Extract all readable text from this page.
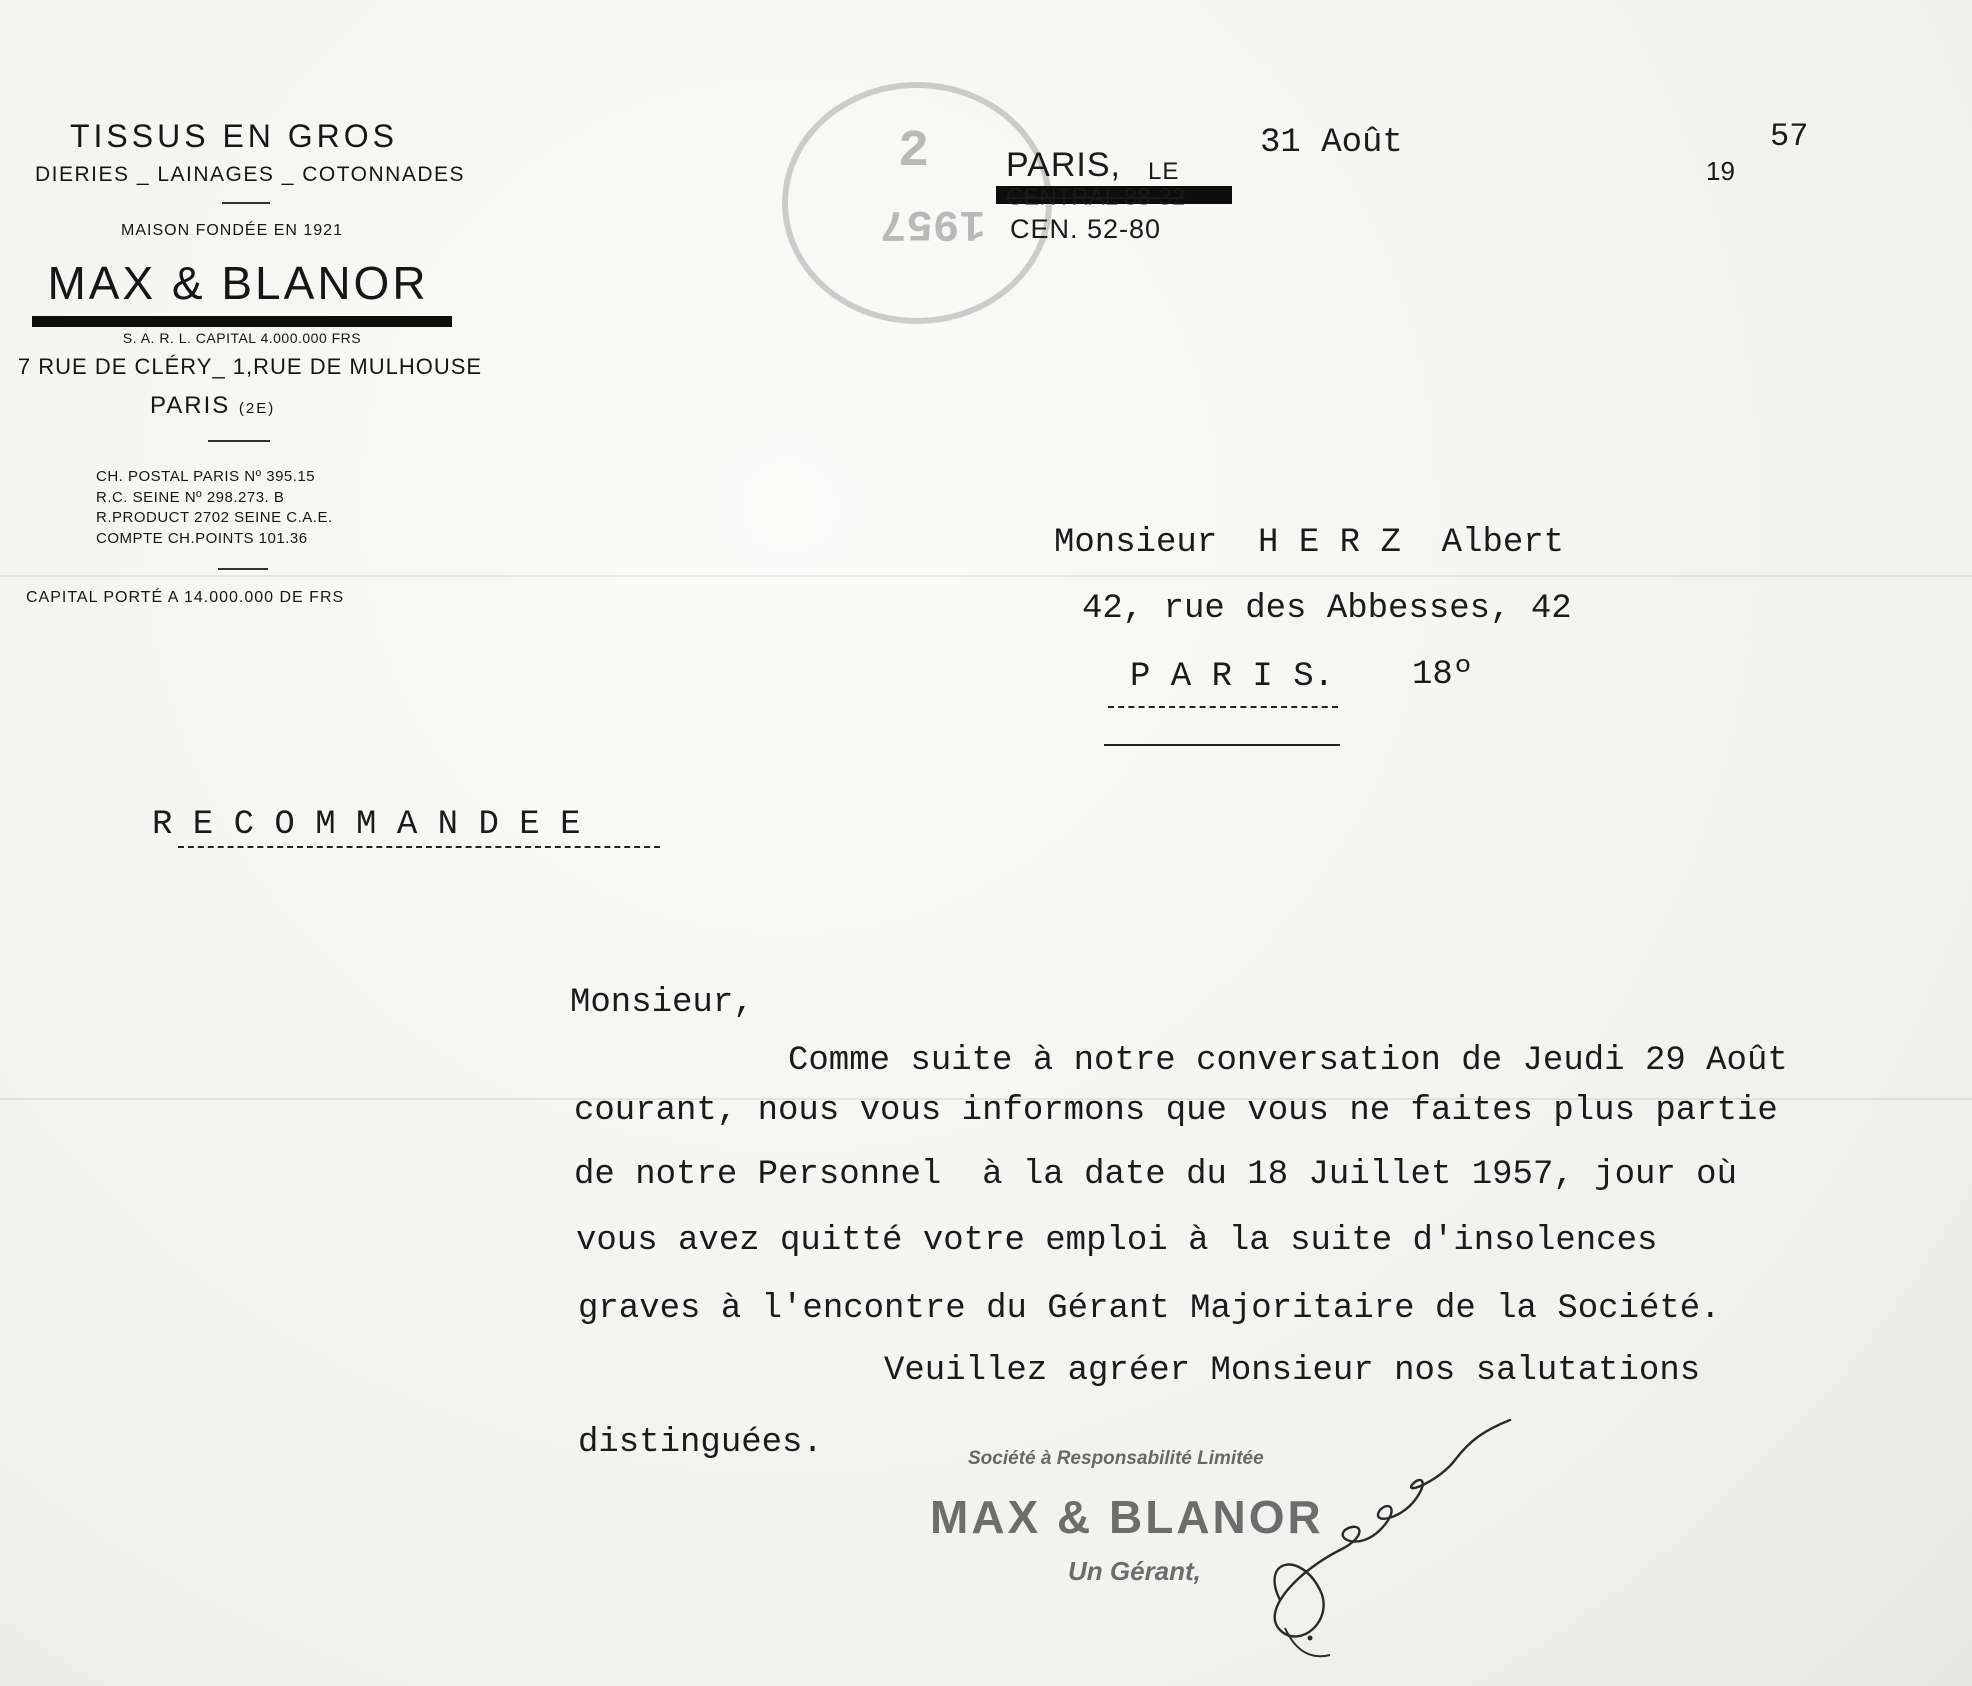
TISSUS EN GROS
DIERIES _ LAINAGES _ COTONNADES
MAISON FONDÉE EN 1921
MAX & BLANOR
S. A. R. L. CAPITAL 4.000.000 FRS
7 RUE DE CLÉRY_ 1,RUE DE MULHOUSE
PARIS (2E)
CH. POSTAL PARIS Nº 395.15
R.C. SEINE Nº 298.273. B
R.PRODUCT 2702 SEINE C.A.E.
COMPTE CH.POINTS 101.36
CAPITAL PORTÉ A 14.000.000 DE FRS
2
1957
PARIS, LE
CENTRAL 88-32
CEN. 52-80
31 Août
19
57
Monsieur  H E R Z  Albert
42, rue des Abbesses, 42
P A R I S. 18º
R E C O M M A N D E E
Monsieur,
Comme suite à notre conversation de Jeudi 29 Août
courant, nous vous informons que vous ne faites plus partie
de notre Personnel  à la date du 18 Juillet 1957, jour où
vous avez quitté votre emploi à la suite d'insolences
graves à l'encontre du Gérant Majoritaire de la Société.
Veuillez agréer Monsieur nos salutations
distinguées.	Société à Responsabilité Limitée
MAX & BLANOR
Un Gérant,
